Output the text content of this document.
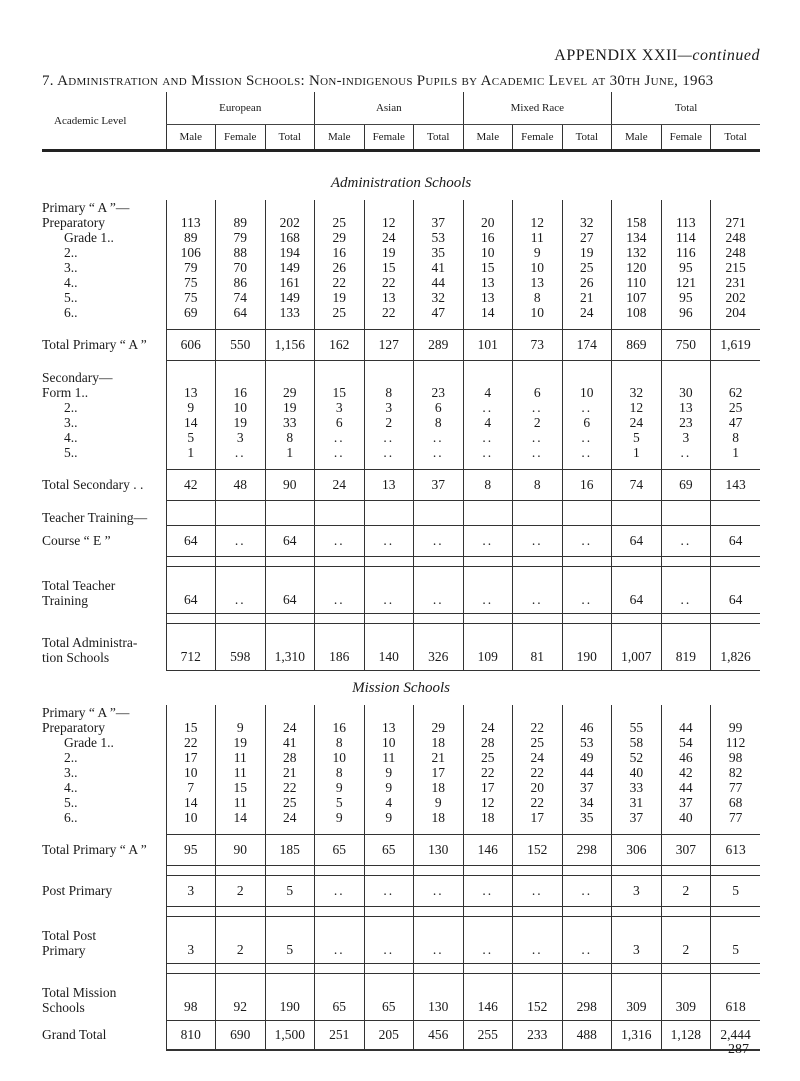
APPENDIX XXII—continued
7. Administration and Mission Schools: Non-indigenous Pupils by Academic Level at 30th June, 1963
Academic Level	European			Asian			Mixed Race			Total		
	Male	Female	Total	Male	Female	Total	Male	Female	Total	Male	Female	Total

Administration Schools												
Primary “ A ”—												
Preparatory	113	89	202	25	12	37	20	12	32	158	113	271
Grade 1..	89	79	168	29	24	53	16	11	27	134	114	248
2..	106	88	194	16	19	35	10	9	19	132	116	248
3..	79	70	149	26	15	41	15	10	25	120	95	215
4..	75	86	161	22	22	44	13	13	26	110	121	231
5..	75	74	149	19	13	32	13	8	21	107	95	202
6..	69	64	133	25	22	47	14	10	24	108	96	204

Total Primary “ A ”	606	550	1,156	162	127	289	101	73	174	869	750	1,619

Secondary—												
Form 1..	13	16	29	15	8	23	4	6	10	32	30	62
2..	9	10	19	3	3	6	..	..	..	12	13	25
3..	14	19	33	6	2	8	4	2	6	24	23	47
4..	5	3	8	..	..	..	..	..	..	5	3	8
5..	1	..	1	..	..	..	..	..	..	1	..	1

Total Secondary . .	42	48	90	24	13	37	8	8	16	74	69	143

Teacher Training—												
Course “ E ”	64	..	64	..	..	..	..	..	..	64	..	64

Total Teacher
Training	64	..	64	..	..	..	..	..	..	64	..	64

Total Administra-
tion Schools	712	598	1,310	186	140	326	109	81	190	1,007	819	1,826
Mission Schools												
Primary “ A ”—												
Preparatory	15	9	24	16	13	29	24	22	46	55	44	99
Grade 1..	22	19	41	8	10	18	28	25	53	58	54	112
2..	17	11	28	10	11	21	25	24	49	52	46	98
3..	10	11	21	8	9	17	22	22	44	40	42	82
4..	7	15	22	9	9	18	17	20	37	33	44	77
5..	14	11	25	5	4	9	12	22	34	31	37	68
6..	10	14	24	9	9	18	18	17	35	37	40	77

Total Primary “ A ”	95	90	185	65	65	130	146	152	298	306	307	613

Post Primary	3	2	5	..	..	..	..	..	..	3	2	5

Total Post
Primary	3	2	5	..	..	..	..	..	..	3	2	5

Total Mission
Schools	98	92	190	65	65	130	146	152	298	309	309	618
Grand Total	810	690	1,500	251	205	456	255	233	488	1,316	1,128	2,444
287
